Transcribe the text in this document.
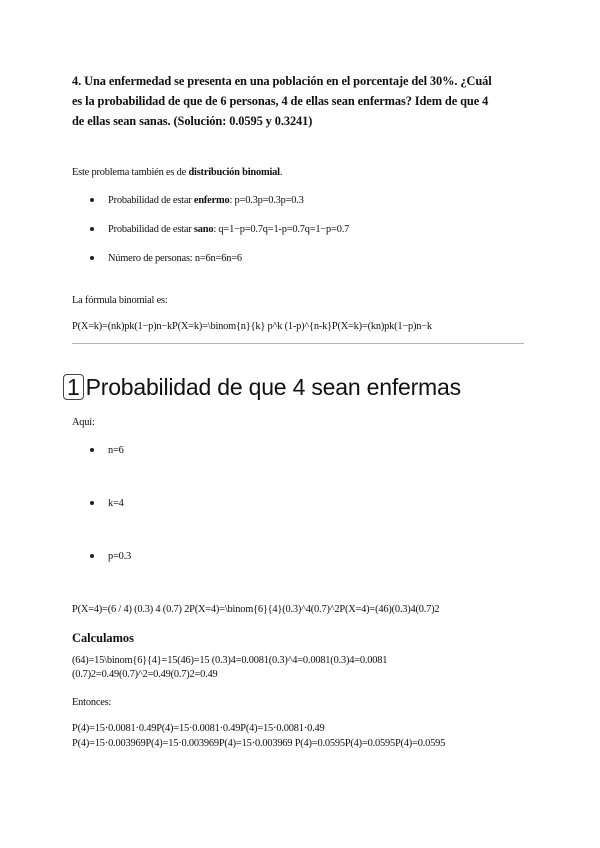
4. Una enfermedad se presenta en una población en el porcentaje del 30%. ¿Cuál
es la probabilidad de que de 6 personas, 4 de ellas sean enfermas? Idem de que 4
de ellas sean sanas. (Solución: 0.0595 y 0.3241)
Este problema también es de distribución binomial.
Probabilidad de estar enfermo: p=0.3p=0.3p=0.3
Probabilidad de estar sano: q=1−p=0.7q=1-p=0.7q=1−p=0.7
Número de personas: n=6n=6n=6
La fórmula binomial es:
P(X=k)=(nk)pk(1−p)n−kP(X=k)=\binom{n}{k} p^k (1-p)^{n-k}P(X=k)=(kn)pk(1−p)n−k
1 Probabilidad de que 4 sean enfermas
Aquí:
n=6
k=4
p=0.3
P(X=4)=(6 / 4) (0.3) 4 (0.7) 2P(X=4)=\binom{6}{4}(0.3)^4(0.7)^2P(X=4)=(46)(0.3)4(0.7)2
Calculamos
(64)=15\binom{6}{4}=15(46)=15 (0.3)4=0.0081(0.3)^4=0.0081(0.3)4=0.0081
(0.7)2=0.49(0.7)^2=0.49(0.7)2=0.49
Entonces:
P(4)=15⋅0.0081⋅0.49P(4)=15·0.0081·0.49P(4)=15⋅0.0081⋅0.49
P(4)=15⋅0.003969P(4)=15·0.003969P(4)=15⋅0.003969 P(4)=0.0595P(4)=0.0595P(4)=0.0595
